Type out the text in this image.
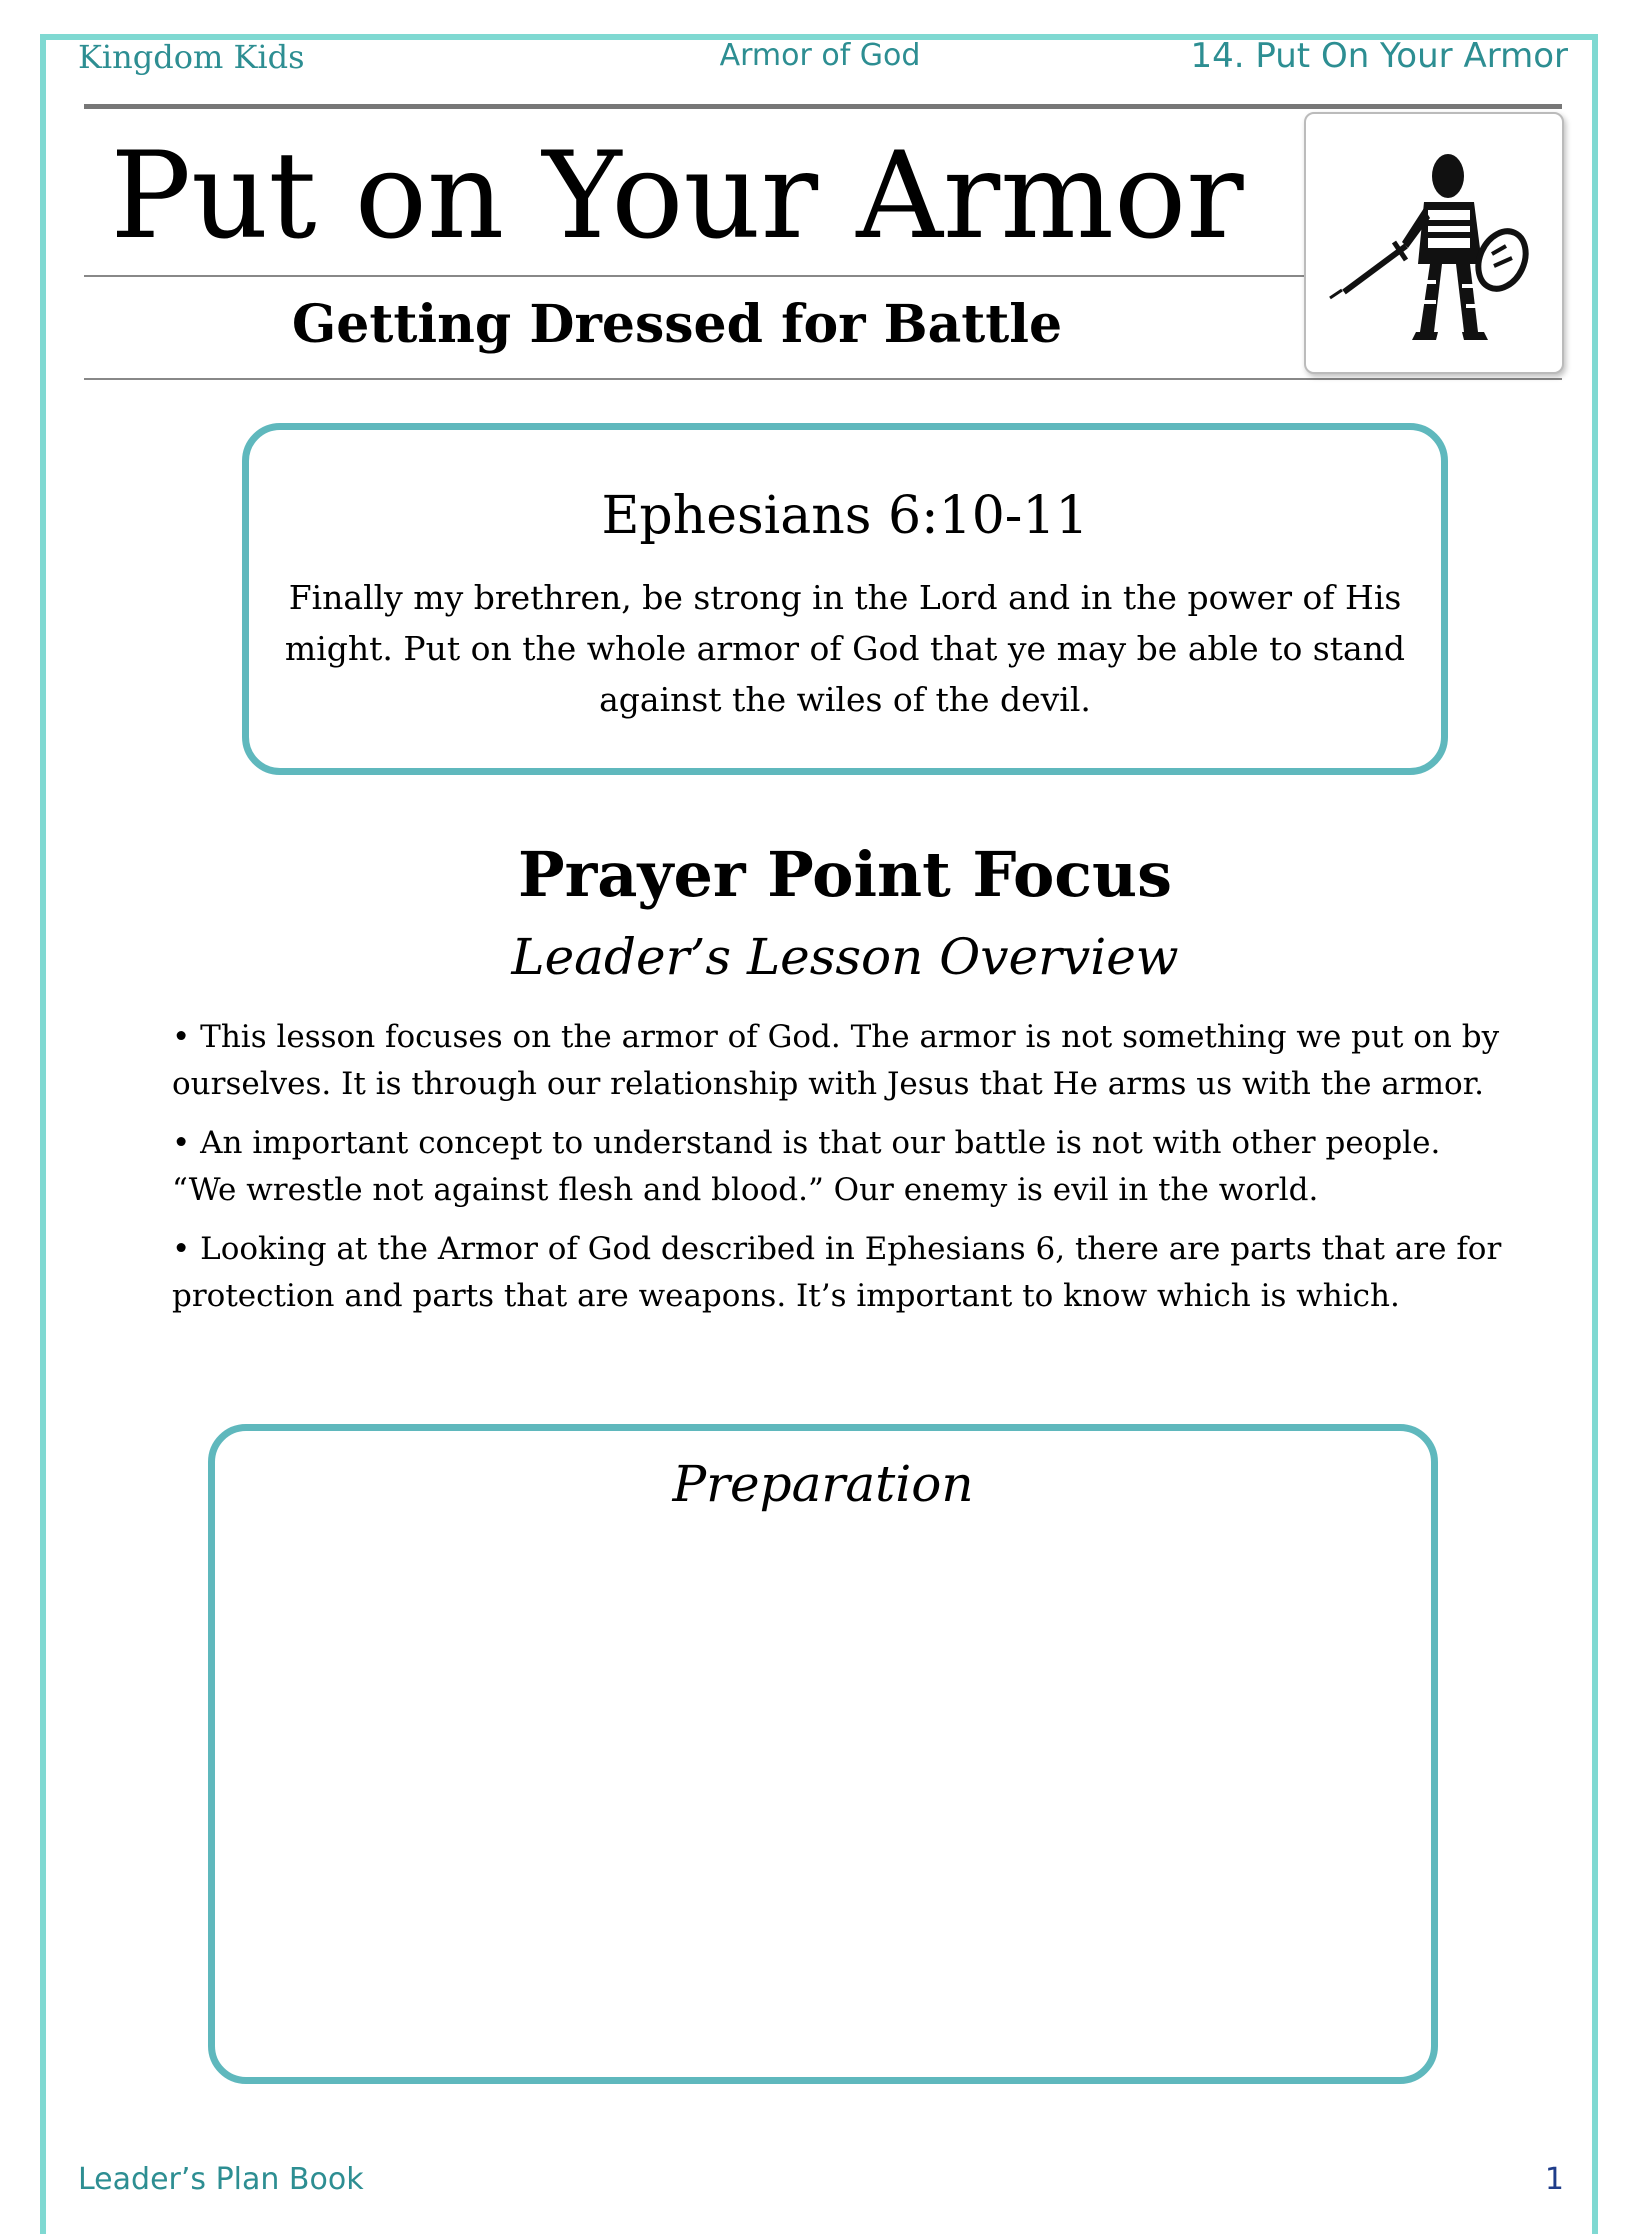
Kingdom Kids	Armor of God	14. Put On Your Armor
Put on Your Armor
Getting Dressed for Battle
Ephesians 6:10-11
Finally my brethren, be strong in the Lord and in the power of His might. Put on the whole armor of God that ye may be able to stand against the wiles of the devil.
Prayer Point Focus
Leader’s Lesson Overview
• This lesson focuses on the armor of God. The armor is not something we put on by ourselves. It is through our relationship with Jesus that He arms us with the armor.
• An important concept to understand is that our battle is not with other people. “We wrestle not against flesh and blood.” Our enemy is evil in the world.
• Looking at the Armor of God described in Ephesians 6, there are parts that are for protection and parts that are weapons. It’s important to know which is which.
Preparation
Leader’s Plan Book	1
